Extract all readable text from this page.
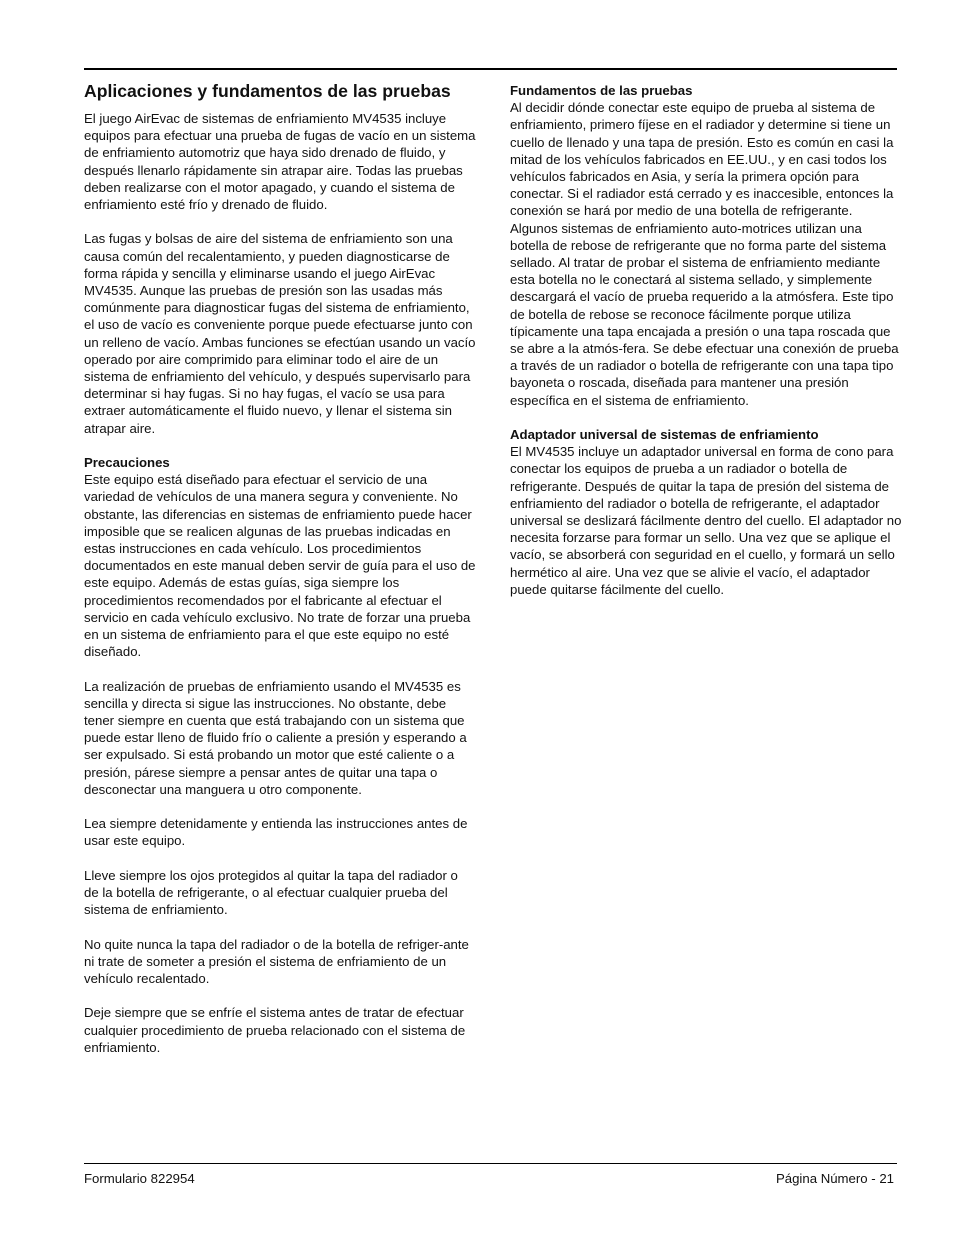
Aplicaciones y fundamentos de las pruebas

El juego AirEvac de sistemas de enfriamiento MV4535 incluye equipos para efectuar una prueba de fugas de vacío en un sistema de enfriamiento automotriz que haya sido drenado de fluido, y después llenarlo rápidamente sin atrapar aire. Todas las pruebas deben realizarse con el motor apagado, y cuando el sistema de enfriamiento esté frío y drenado de fluido.

Las fugas y bolsas de aire del sistema de enfriamiento son una causa común del recalentamiento, y pueden diagnosticarse de forma rápida y sencilla y eliminarse usando el juego AirEvac MV4535. Aunque las pruebas de presión son las usadas más comúnmente para diagnosticar fugas del sistema de enfriamiento, el uso de vacío es conveniente porque puede efectuarse junto con un relleno de vacío. Ambas funciones se efectúan usando un vacío operado por aire comprimido para eliminar todo el aire de un sistema de enfriamiento del vehículo, y después supervisarlo para determinar si hay fugas. Si no hay fugas, el vacío se usa para extraer automáticamente el fluido nuevo, y llenar el sistema sin atrapar aire.

Precauciones

Este equipo está diseñado para efectuar el servicio de una variedad de vehículos de una manera segura y conveniente. No obstante, las diferencias en sistemas de enfriamiento puede hacer imposible que se realicen algunas de las pruebas indicadas en estas instrucciones en cada vehículo. Los procedimientos documentados en este manual deben servir de guía para el uso de este equipo. Además de estas guías, siga siempre los procedimientos recomendados por el fabricante al efectuar el servicio en cada vehículo exclusivo. No trate de forzar una prueba en un sistema de enfriamiento para el que este equipo no esté diseñado.

La realización de pruebas de enfriamiento usando el MV4535 es sencilla y directa si sigue las instrucciones. No obstante, debe tener siempre en cuenta que está trabajando con un sistema que puede estar lleno de fluido frío o caliente a presión y esperando a ser expulsado. Si está probando un motor que esté caliente o a presión, párese siempre a pensar antes de quitar una tapa o desconectar una manguera u otro componente.

Lea siempre detenidamente y entienda las instrucciones antes de usar este equipo.

Lleve siempre los ojos protegidos al quitar la tapa del radiador o de la botella de refrigerante, o al efectuar cualquier prueba del sistema de enfriamiento.

No quite nunca la tapa del radiador o de la botella de refriger-ante ni trate de someter a presión el sistema de enfriamiento de un vehículo recalentado.

Deje siempre que se enfríe el sistema antes de tratar de efectuar cualquier procedimiento de prueba relacionado con el sistema de enfriamiento.

Fundamentos de las pruebas

Al decidir dónde conectar este equipo de prueba al sistema de enfriamiento, primero fíjese en el radiador y determine si tiene un cuello de llenado y una tapa de presión. Esto es común en casi la mitad de los vehículos fabricados en EE.UU., y en casi todos los vehículos fabricados en Asia, y sería la primera opción para conectar. Si el radiador está cerrado y es inaccesible, entonces la conexión se hará por medio de una botella de refrigerante. Algunos sistemas de enfriamiento auto-motrices utilizan una botella de rebose de refrigerante que no forma parte del sistema sellado. Al tratar de probar el sistema de enfriamiento mediante esta botella no le conectará al sistema sellado, y simplemente descargará el vacío de prueba requerido a la atmósfera. Este tipo de botella de rebose se reconoce fácilmente porque utiliza típicamente una tapa encajada a presión o una tapa roscada que se abre a la atmós-fera. Se debe efectuar una conexión de prueba a través de un radiador o botella de refrigerante con una tapa tipo bayoneta o roscada, diseñada para mantener una presión específica en el sistema de enfriamiento.

Adaptador universal de sistemas de enfriamiento

El MV4535 incluye un adaptador universal en forma de cono para conectar los equipos de prueba a un radiador o botella de refrigerante. Después de quitar la tapa de presión del sistema de enfriamiento del radiador o botella de refrigerante, el adaptador universal se deslizará fácilmente dentro del cuello. El adaptador no necesita forzarse para formar un sello. Una vez que se aplique el vacío, se absorberá con seguridad en el cuello, y formará un sello hermético al aire. Una vez que se alivie el vacío, el adaptador puede quitarse fácilmente del cuello.

Formulario 822954	Página Número - 21
